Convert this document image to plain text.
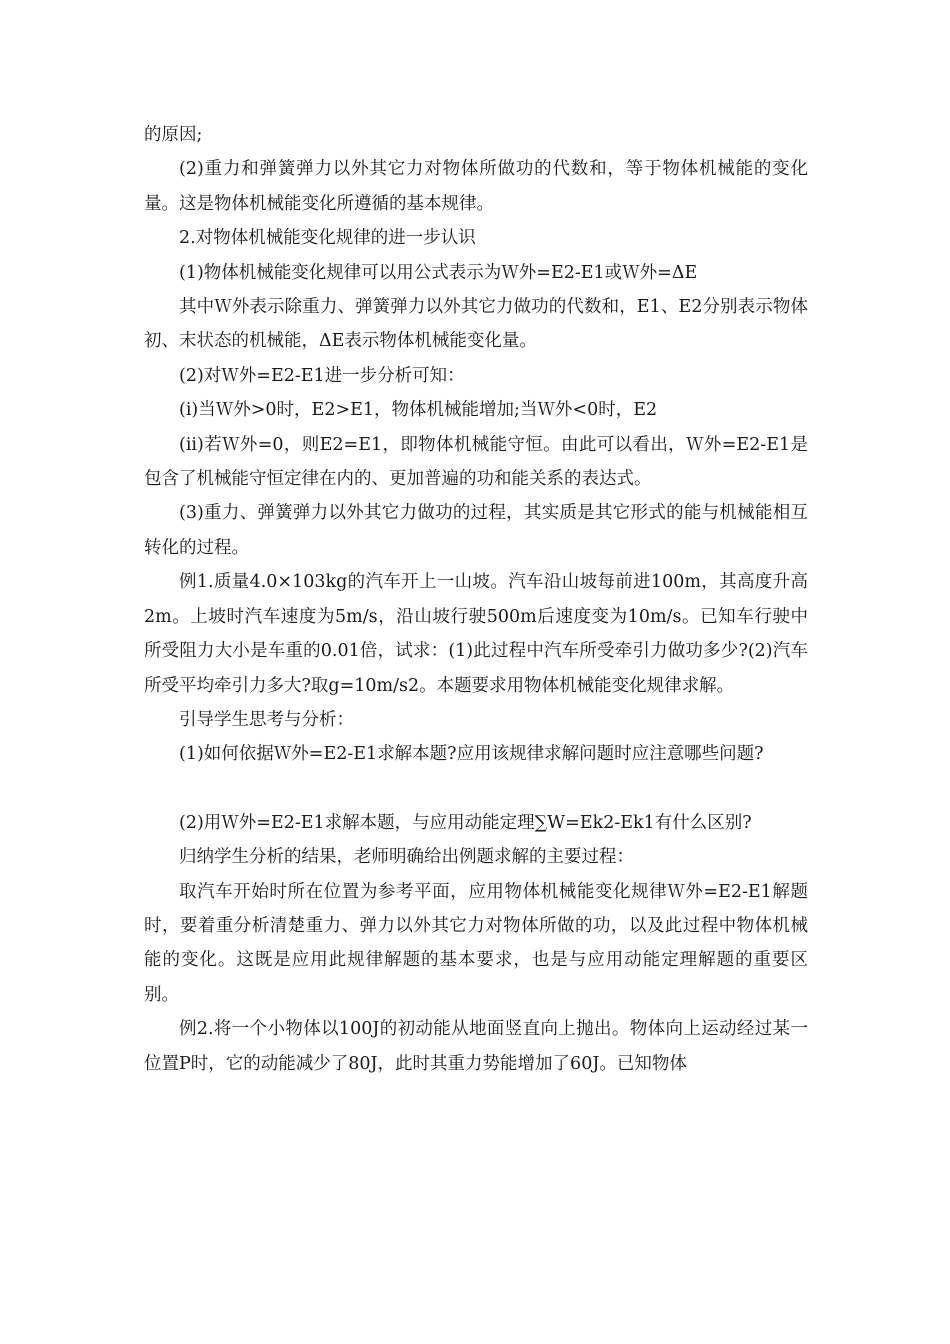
的原因;

(2)重力和弹簧弹力以外其它力对物体所做功的代数和，等于物体机械能的变化量。这是物体机械能变化所遵循的基本规律。

2.对物体机械能变化规律的进一步认识

(1)物体机械能变化规律可以用公式表示为Ｗ外=E2-E1或Ｗ外=ΔE

其中Ｗ外表示除重力、弹簧弹力以外其它力做功的代数和，E1、E2分别表示物体初、末状态的机械能，ΔE表示物体机械能变化量。

(2)对Ｗ外=E2-E1进一步分析可知：

(i)当Ｗ外>0时，E2>E1，物体机械能增加;当Ｗ外<0时，E2

(ii)若Ｗ外=0，则E2=E1，即物体机械能守恒。由此可以看出，Ｗ外=E2-E1是包含了机械能守恒定律在内的、更加普遍的功和能关系的表达式。

(3)重力、弹簧弹力以外其它力做功的过程，其实质是其它形式的能与机械能相互转化的过程。

例1.质量4.0×103kg的汽车开上一山坡。汽车沿山坡每前进100m，其高度升高2m。上坡时汽车速度为5m/s，沿山坡行驶500m后速度变为10m/s。已知车行驶中所受阻力大小是车重的0.01倍，试求：(1)此过程中汽车所受牵引力做功多少?(2)汽车所受平均牵引力多大?取g=10m/s2。本题要求用物体机械能变化规律求解。

引导学生思考与分析：

(1)如何依据Ｗ外=E2-E1求解本题?应用该规律求解问题时应注意哪些问题?

(2)用Ｗ外=E2-E1求解本题，与应用动能定理∑W=Ek2-Ek1有什么区别?

归纳学生分析的结果，老师明确给出例题求解的主要过程：

取汽车开始时所在位置为参考平面，应用物体机械能变化规律Ｗ外=E2-E1解题时，要着重分析清楚重力、弹力以外其它力对物体所做的功，以及此过程中物体机械能的变化。这既是应用此规律解题的基本要求，也是与应用动能定理解题的重要区别。

例2.将一个小物体以100J的初动能从地面竖直向上抛出。物体向上运动经过某一位置P时，它的动能减少了80J，此时其重力势能增加了60J。已知物体
